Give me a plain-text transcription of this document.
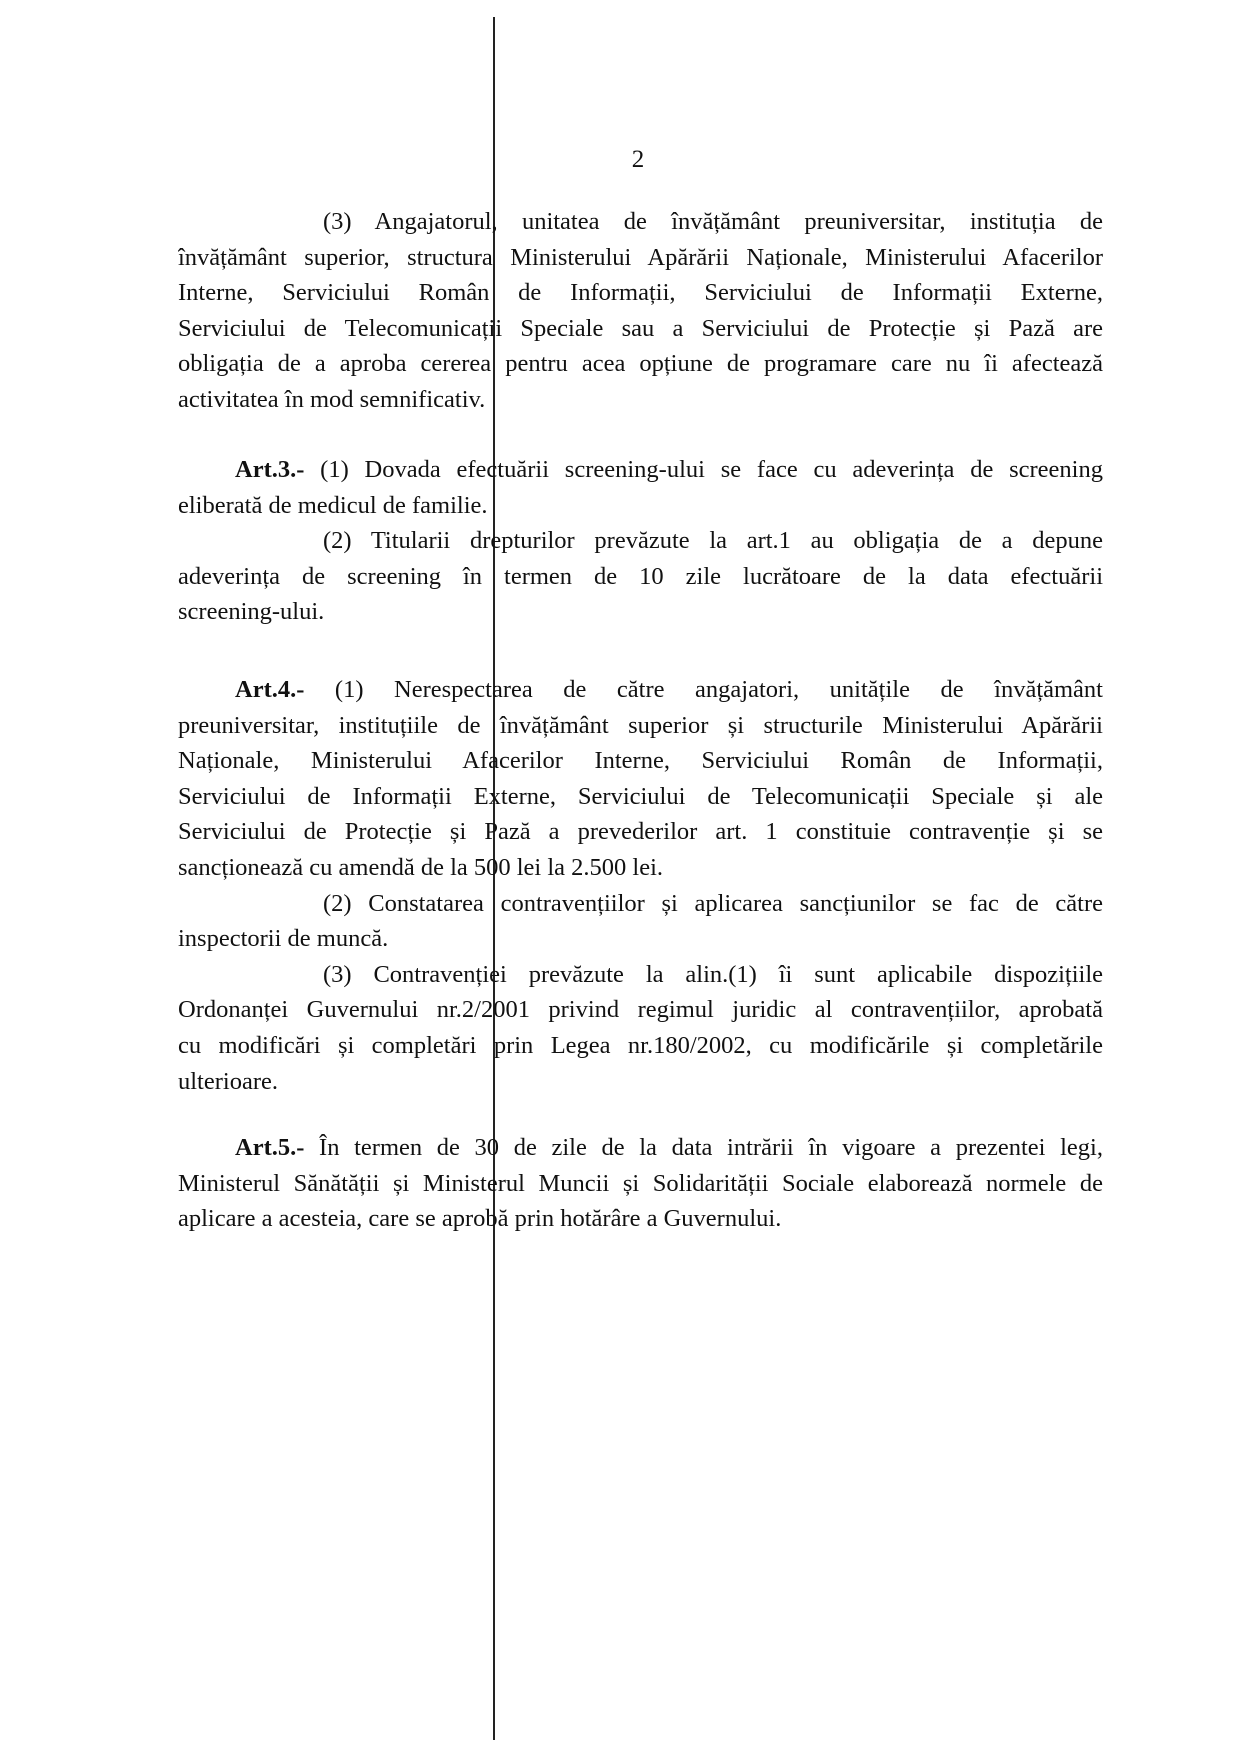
2
(3) Angajatorul, unitatea de învățământ preuniversitar, instituția de
învățământ superior, structura Ministerului Apărării Naționale, Ministerului Afacerilor
Interne, Serviciului Român de Informații, Serviciului de Informații Externe,
Serviciului de Telecomunicații Speciale sau a Serviciului de Protecție și Pază are
obligația de a aproba cererea pentru acea opțiune de programare care nu îi afectează
activitatea în mod semnificativ.
Art.3.- (1) Dovada efectuării screening-ului se face cu adeverința de screening
eliberată de medicul de familie.
(2) Titularii drepturilor prevăzute la art.1 au obligația de a depune
adeverința de screening în termen de 10 zile lucrătoare de la data efectuării
screening-ului.
Art.4.- (1) Nerespectarea de către angajatori, unitățile de învățământ
preuniversitar, instituțiile de învățământ superior și structurile Ministerului Apărării
Naționale, Ministerului Afacerilor Interne, Serviciului Român de Informații,
Serviciului de Informații Externe, Serviciului de Telecomunicații Speciale și ale
Serviciului de Protecție și Pază a prevederilor art. 1 constituie contravenție și se
sancționează cu amendă de la 500 lei la 2.500 lei.
(2) Constatarea contravențiilor și aplicarea sancțiunilor se fac de către
inspectorii de muncă.
(3) Contravenției prevăzute la alin.(1) îi sunt aplicabile dispozițiile
Ordonanței Guvernului nr.2/2001 privind regimul juridic al contravențiilor, aprobată
cu modificări și completări prin Legea nr.180/2002, cu modificările și completările
ulterioare.
Art.5.- În termen de 30 de zile de la data intrării în vigoare a prezentei legi,
Ministerul Sănătății și Ministerul Muncii și Solidarității Sociale elaborează normele de
aplicare a acesteia, care se aprobă prin hotărâre a Guvernului.
